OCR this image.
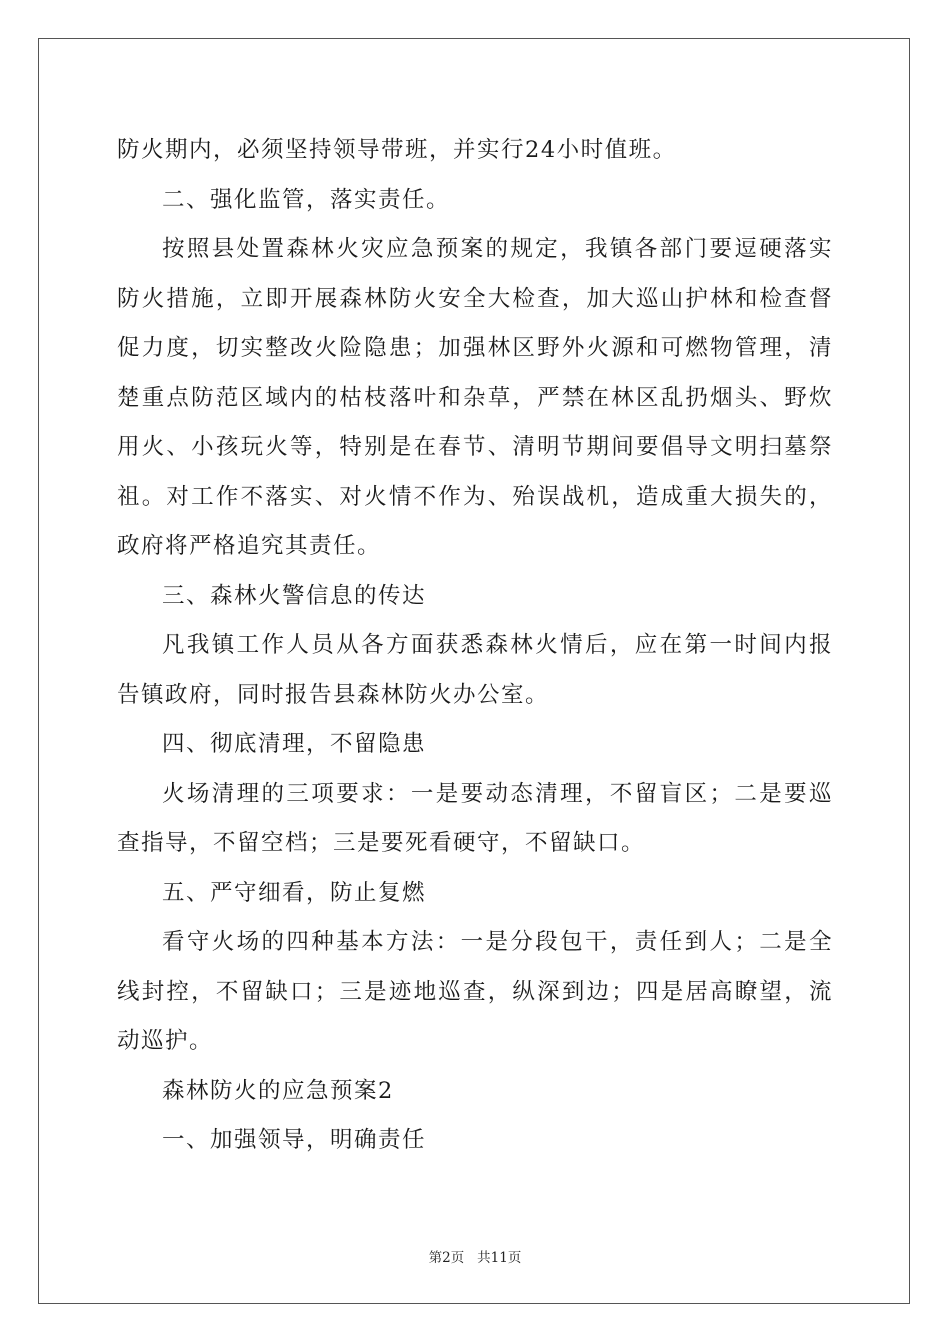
防火期内，必须坚持领导带班，并实行24小时值班。

二、强化监管，落实责任。

按照县处置森林火灾应急预案的规定，我镇各部门要逗硬落实防火措施，立即开展森林防火安全大检查，加大巡山护林和检查督促力度，切实整改火险隐患；加强林区野外火源和可燃物管理，清楚重点防范区域内的枯枝落叶和杂草，严禁在林区乱扔烟头、野炊用火、小孩玩火等，特别是在春节、清明节期间要倡导文明扫墓祭祖。对工作不落实、对火情不作为、殆误战机，造成重大损失的，政府将严格追究其责任。

三、森林火警信息的传达

凡我镇工作人员从各方面获悉森林火情后，应在第一时间内报告镇政府，同时报告县森林防火办公室。

四、彻底清理，不留隐患

火场清理的三项要求：一是要动态清理，不留盲区；二是要巡查指导，不留空档；三是要死看硬守，不留缺口。

五、严守细看，防止复燃

看守火场的四种基本方法：一是分段包干，责任到人；二是全线封控，不留缺口；三是迹地巡查，纵深到边；四是居高瞭望，流动巡护。

森林防火的应急预案2

一、加强领导，明确责任

第2页 共11页
